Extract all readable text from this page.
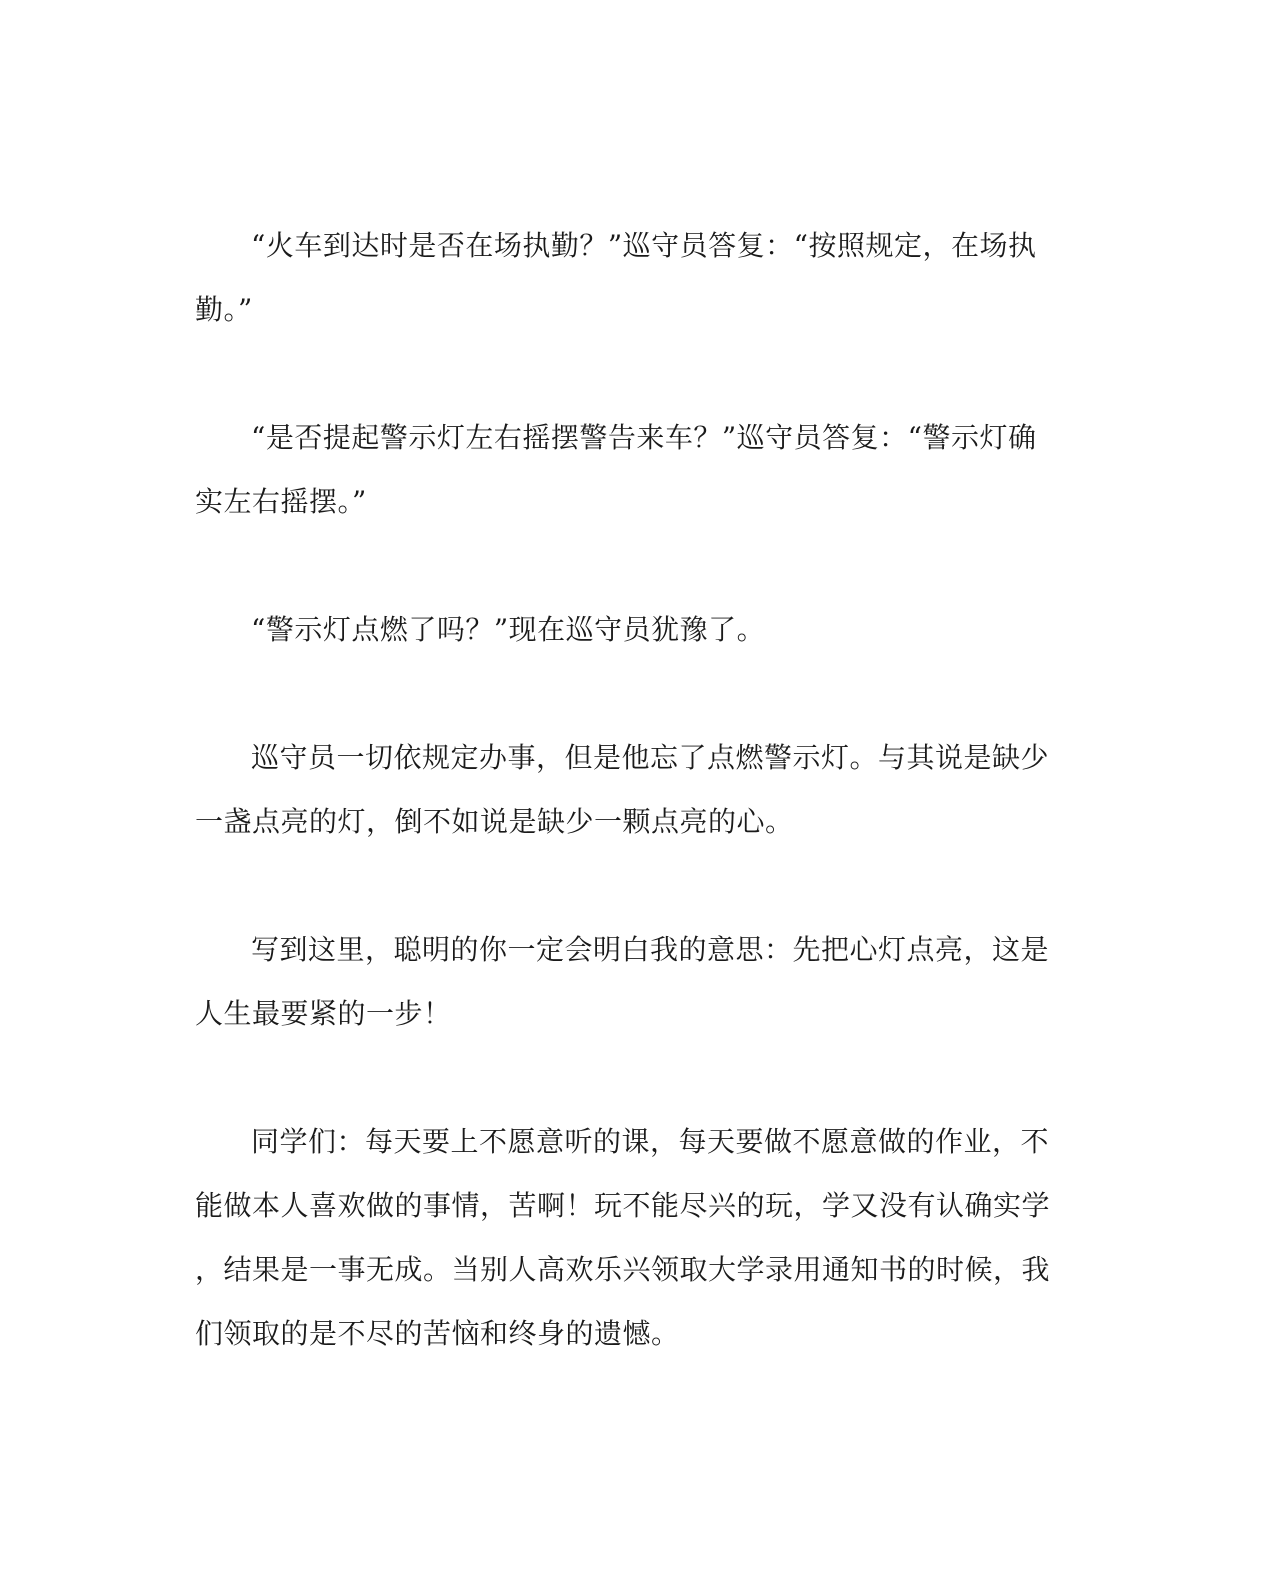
“火车到达时是否在场执勤？”巡守员答复：“按照规定，在场执
勤。”

“是否提起警示灯左右摇摆警告来车？”巡守员答复：“警示灯确
实左右摇摆。”

“警示灯点燃了吗？”现在巡守员犹豫了。

巡守员一切依规定办事，但是他忘了点燃警示灯。与其说是缺少
一盏点亮的灯，倒不如说是缺少一颗点亮的心。

写到这里，聪明的你一定会明白我的意思：先把心灯点亮，这是
人生最要紧的一步！

同学们：每天要上不愿意听的课，每天要做不愿意做的作业，不
能做本人喜欢做的事情，苦啊！玩不能尽兴的玩，学又没有认确实学
，结果是一事无成。当别人高欢乐兴领取大学录用通知书的时候，我
们领取的是不尽的苦恼和终身的遗憾。
